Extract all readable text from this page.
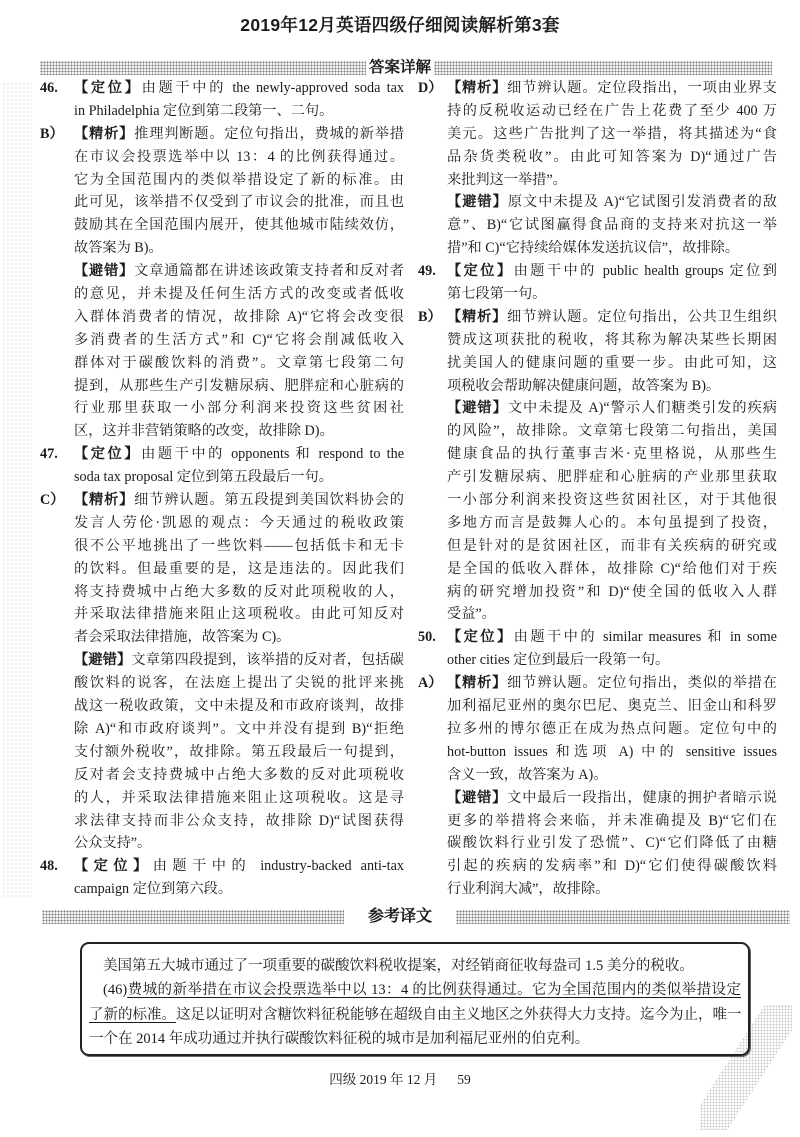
2019年12月英语四级仔细阅读解析第3套
答案详解
46. 【定位】由题干中的 the newly-approved soda tax
in Philadelphia 定位到第二段第一、二句。
B） 【精析】推理判断题。定位句指出，费城的新举措
在市议会投票选举中以 13：4 的比例获得通过。
它为全国范围内的类似举措设定了新的标准。由
此可见，该举措不仅受到了市议会的批准，而且也
鼓励其在全国范围内展开，使其他城市陆续效仿，
故答案为 B)。
【避错】文章通篇都在讲述该政策支持者和反对者
的意见，并未提及任何生活方式的改变或者低收
入群体消费者的情况，故排除 A)“它将会改变很
多消费者的生活方式”和 C)“它将会削减低收入
群体对于碳酸饮料的消费”。文章第七段第二句
提到，从那些生产引发糖尿病、肥胖症和心脏病的
行业那里获取一小部分利润来投资这些贫困社
区，这并非营销策略的改变，故排除 D)。
47. 【定位】由题干中的 opponents 和 respond to the
soda tax proposal 定位到第五段最后一句。
C） 【精析】细节辨认题。第五段提到美国饮料协会的
发言人劳伦·凯恩的观点：今天通过的税收政策
很不公平地挑出了一些饮料——包括低卡和无卡
的饮料。但最重要的是，这是违法的。因此我们
将支持费城中占绝大多数的反对此项税收的人，
并采取法律措施来阻止这项税收。由此可知反对
者会采取法律措施，故答案为 C)。
【避错】文章第四段提到，该举措的反对者，包括碳
酸饮料的说客，在法庭上提出了尖锐的批评来挑
战这一税收政策，文中未提及和市政府谈判，故排
除 A)“和市政府谈判”。文中并没有提到 B)“拒绝
支付额外税收”，故排除。第五段最后一句提到，
反对者会支持费城中占绝大多数的反对此项税收
的人，并采取法律措施来阻止这项税收。这是寻
求法律支持而非公众支持，故排除 D)“试图获得
公众支持”。
48. 【定位】由题干中的 industry-backed anti-tax
campaign 定位到第六段。
D） 【精析】细节辨认题。定位段指出，一项由业界支
持的反税收运动已经在广告上花费了至少 400 万
美元。这些广告批判了这一举措，将其描述为“食
品杂货类税收”。由此可知答案为 D)“通过广告
来批判这一举措”。
【避错】原文中未提及 A)“它试图引发消费者的敌
意”、B)“它试图赢得食品商的支持来对抗这一举
措”和 C)“它持续给媒体发送抗议信”，故排除。
49. 【定位】由题干中的 public health groups 定位到
第七段第一句。
B） 【精析】细节辨认题。定位句指出，公共卫生组织
赞成这项获批的税收，将其称为解决某些长期困
扰美国人的健康问题的重要一步。由此可知，这
项税收会帮助解决健康问题，故答案为 B)。
【避错】文中未提及 A)“警示人们糖类引发的疾病
的风险”，故排除。文章第七段第二句指出，美国
健康食品的执行董事吉米·克里格说，从那些生
产引发糖尿病、肥胖症和心脏病的产业那里获取
一小部分利润来投资这些贫困社区，对于其他很
多地方而言是鼓舞人心的。本句虽提到了投资，
但是针对的是贫困社区，而非有关疾病的研究或
是全国的低收入群体，故排除 C)“给他们对于疾
病的研究增加投资”和 D)“使全国的低收入人群
受益”。
50. 【定位】由题干中的 similar measures 和 in some
other cities 定位到最后一段第一句。
A） 【精析】细节辨认题。定位句指出，类似的举措在
加利福尼亚州的奥尔巴尼、奥克兰、旧金山和科罗
拉多州的博尔德正在成为热点问题。定位句中的
hot-button issues 和选项 A) 中的 sensitive issues
含义一致，故答案为 A)。
【避错】文中最后一段指出，健康的拥护者暗示说
更多的举措将会来临，并未准确提及 B)“它们在
碳酸饮料行业引发了恐慌”、C)“它们降低了由糖
引起的疾病的发病率”和 D)“它们使得碳酸饮料
行业利润大减”，故排除。
参考译文
美国第五大城市通过了一项重要的碳酸饮料税收提案，对经销商征收每盎司 1.5 美分的税收。
(46)费城的新举措在市议会投票选举中以 13：4 的比例获得通过。它为全国范围内的类似举措设定
了新的标准。这足以证明对含糖饮料征税能够在超级自由主义地区之外获得大力支持。迄今为止，唯一
一个在 2014 年成功通过并执行碳酸饮料征税的城市是加利福尼亚州的伯克利。
四级 2019 年 12 月 59
